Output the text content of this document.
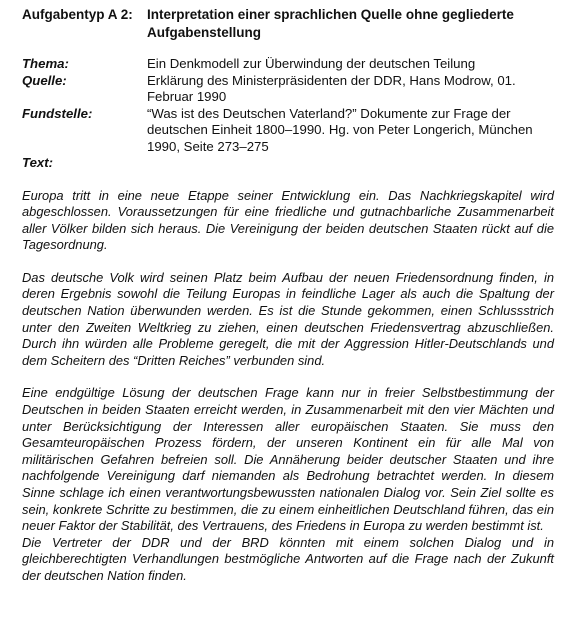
Aufgabentyp A 2:	Interpretation einer sprachlichen Quelle ohne gegliederte Aufgabenstellung
Thema:	Ein Denkmodell zur Überwindung der deutschen Teilung
Quelle:	Erklärung des Ministerpräsidenten der DDR, Hans Modrow, 01. Februar 1990
Fundstelle:	“Was ist des Deutschen Vaterland?” Dokumente zur Frage der deutschen Einheit 1800–1990. Hg. von Peter Longerich, München 1990, Seite 273–275
Text:

Europa tritt in eine neue Etappe seiner Entwicklung ein. Das Nachkriegskapitel wird abgeschlossen. Voraussetzungen für eine friedliche und gutnachbarliche Zusammenarbeit aller Völker bilden sich heraus. Die Vereinigung der beiden deutschen Staaten rückt auf die Tagesordnung.

Das deutsche Volk wird seinen Platz beim Aufbau der neuen Friedensordnung finden, in deren Ergebnis sowohl die Teilung Europas in feindliche Lager als auch die Spaltung der deutschen Nation überwunden werden. Es ist die Stunde gekommen, einen Schlussstrich unter den Zweiten Weltkrieg zu ziehen, einen deutschen Friedensvertrag abzuschließen. Durch ihn würden alle Probleme geregelt, die mit der Aggression Hitler-Deutschlands und dem Scheitern des “Dritten Reiches” verbunden sind.

Eine endgültige Lösung der deutschen Frage kann nur in freier Selbstbestimmung der Deutschen in beiden Staaten erreicht werden, in Zusammenarbeit mit den vier Mächten und unter Berücksichtigung der Interessen aller europäischen Staaten. Sie muss den Gesamteuropäischen Prozess fördern, der unseren Kontinent ein für alle Mal von militärischen Gefahren befreien soll. Die Annäherung beider deutscher Staaten und ihre nachfolgende Vereinigung darf niemanden als Bedrohung betrachtet werden. In diesem Sinne schlage ich einen verantwortungsbewussten nationalen Dialog vor. Sein Ziel sollte es sein, konkrete Schritte zu bestimmen, die zu einem einheitlichen Deutschland führen, das ein neuer Faktor der Stabilität, des Vertrauens, des Friedens in Europa zu werden bestimmt ist.

Die Vertreter der DDR und der BRD könnten mit einem solchen Dialog und in gleichberechtigten Verhandlungen bestmögliche Antworten auf die Frage nach der Zukunft der deutschen Nation finden.
